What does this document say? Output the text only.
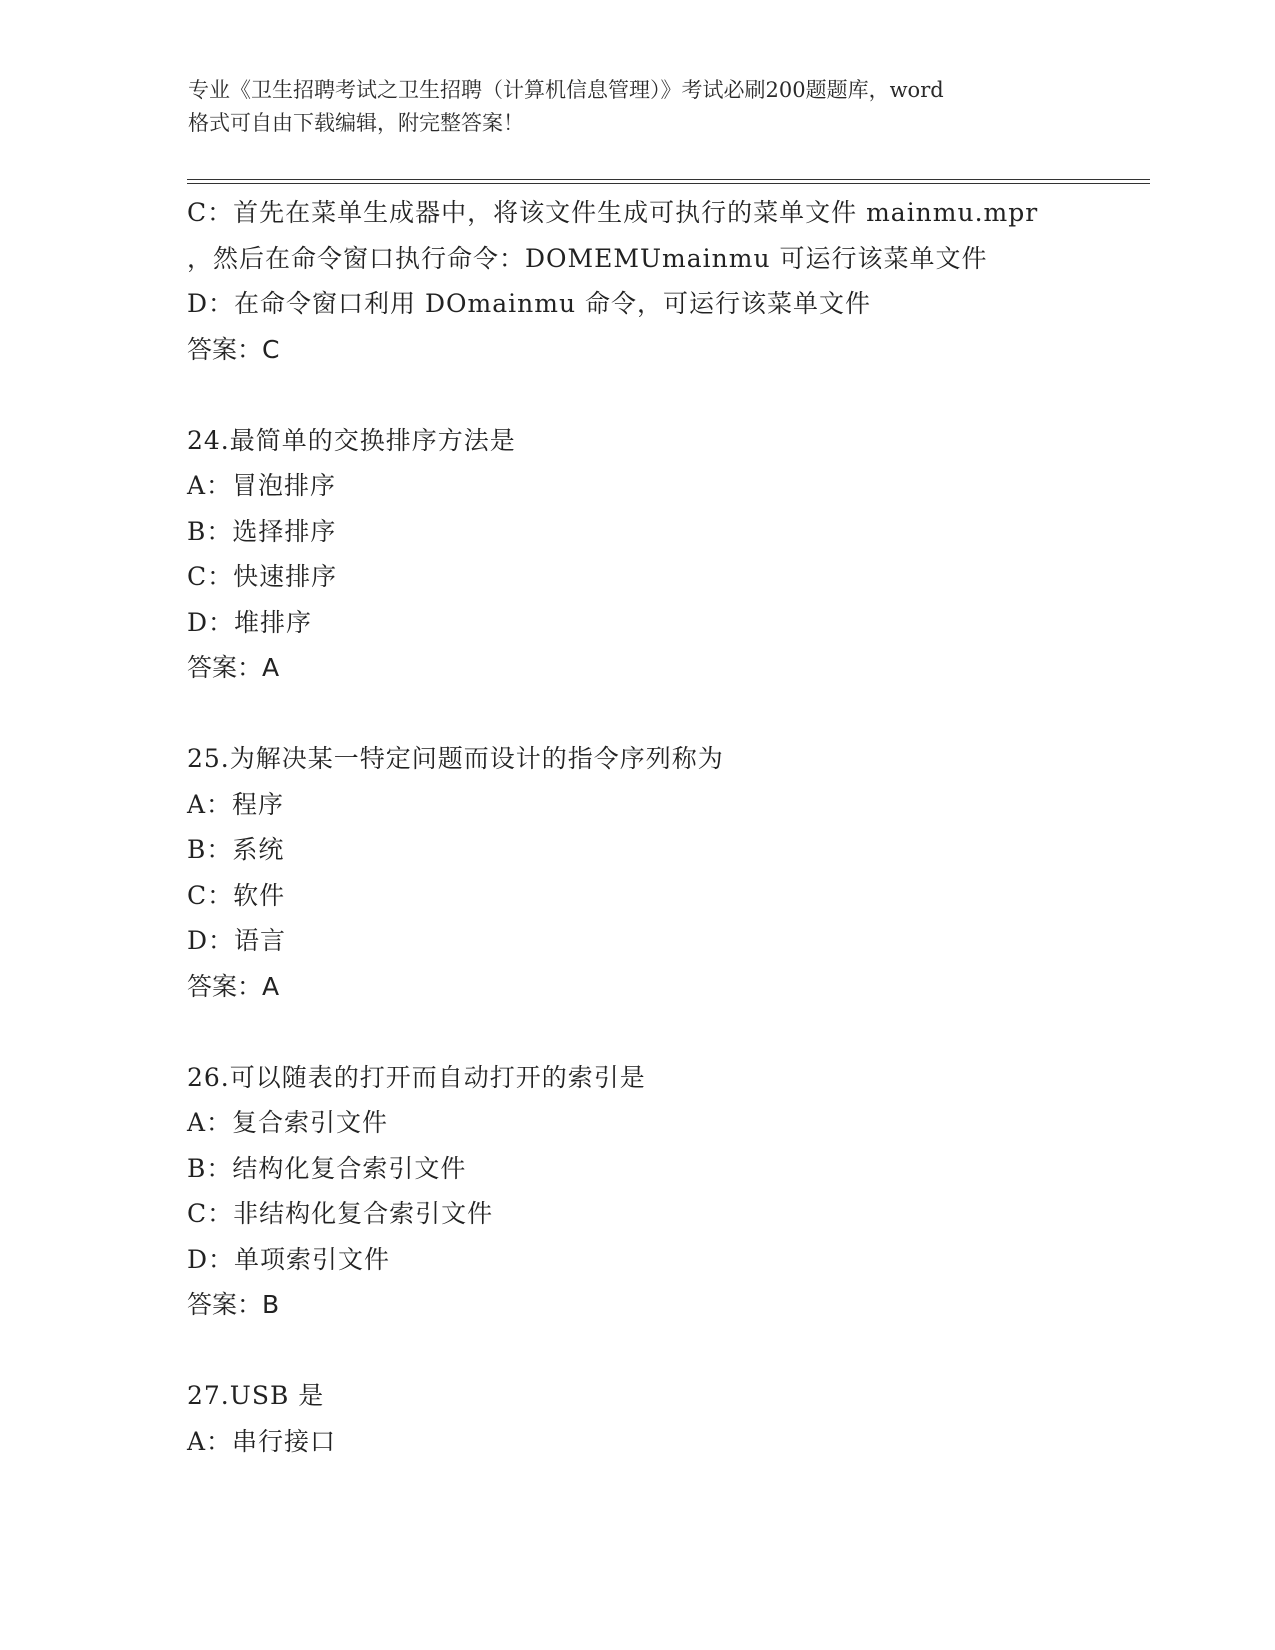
专业《卫生招聘考试之卫生招聘（计算机信息管理）》考试必刷200题题库，word
格式可自由下载编辑，附完整答案！
C：首先在菜单生成器中，将该文件生成可执行的菜单文件 mainmu.mpr
，然后在命令窗口执行命令：DOMEMUmainmu 可运行该菜单文件
D：在命令窗口利用 DOmainmu 命令，可运行该菜单文件
答案：C
24.最简单的交换排序方法是
A：冒泡排序
B：选择排序
C：快速排序
D：堆排序
答案：A
25.为解决某一特定问题而设计的指令序列称为
A：程序
B：系统
C：软件
D：语言
答案：A
26.可以随表的打开而自动打开的索引是
A：复合索引文件
B：结构化复合索引文件
C：非结构化复合索引文件
D：单项索引文件
答案：B
27.USB 是
A：串行接口
